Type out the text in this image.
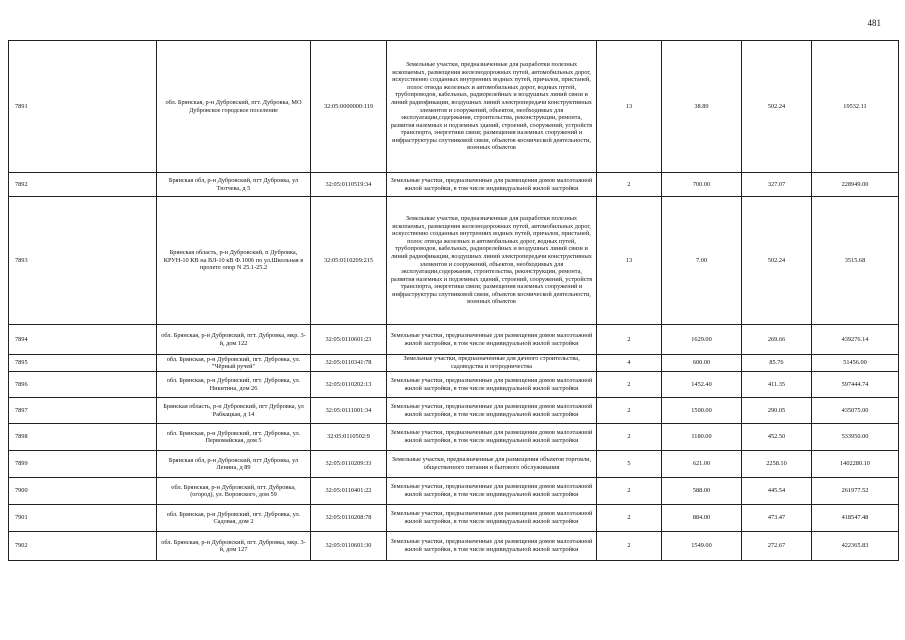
481
7891	обл. Брянская, р-н Дубровский, пгт. Дубровка, МО Дубровское городское поселение	32:05:0000000:119	Земельные участки, предназначенные для разработки полезных ископаемых, размещения железнодорожных путей, автомобильных дорог, искусственно созданных внутренних водных путей, причалов, пристаней, полос отвода железных и автомобильных дорог, водных путей, трубопроводов, кабельных, радиорелейных и воздушных линий связи и линий радиофикации, воздушных линий электропередачи конструктивных элементов и сооружений, объектов, необходимых для эксплуатации,содержания, строительства, реконструкции, ремонта, развития наземных и подземных зданий, строений, сооружений, устройств транспорта, энергетики связи; размещения наземных сооружений и инфраструктуры спутниковой связи, объектов космической деятельности, военных объектов	13	38.89	502.24	19532.11
7892	Брянская обл, р-н Дубровский, пгт Дубровка, ул Тютчева, д 5	32:05:0110519:34	Земельные участки, предназначенные для размещения домов малоэтажной жилой застройки, в том числе индивидуальной жилой застройки	2	700.00	327.07	228949.00
7893	Брянская область, р-н Дубровский, п Дубровка, КРУН-10 КВ на ВЛ-10 кВ Ф.1006 по ул.Школьная в пролете опор N 25.1-25.2	32:05:0110209:215	Земельные участки, предназначенные для разработки полезных ископаемых, размещения железнодорожных путей, автомобильных дорог, искусственно созданных внутренних водных путей, причалов, пристаней, полос отвода железных и автомобильных дорог, водных путей, трубопроводов, кабельных, радиорелейных и воздушных линий связи и линий радиофикации, воздушных линий электропередачи конструктивных элементов и сооружений, объектов, необходимых для эксплуатации,содержания, строительства, реконструкции, ремонта, развития наземных и подземных зданий, строений, сооружений, устройств транспорта, энергетики связи; размещения наземных сооружений и инфраструктуры спутниковой связи, объектов космической деятельности, военных объектов	13	7.00	502.24	3515.68
7894	обл. Брянская, р-н Дубровский, пгт. Дубровка, мкр. 3-й, дом 122	32:05:0110601:23	Земельные участки, предназначенные для размещения домов малоэтажной жилой застройки, в том числе индивидуальной жилой застройки	2	1629.00	269.66	439276.14
7895	обл. Брянская, р-н Дубровский, пгт. Дубровка, ул. "Чёрный ручей"	32:05:0110341:78	Земельные участки, предназначенные для дачного строительства, садоводства и огородничества	4	600.00	85.76	51456.00
7896	обл. Брянская, р-н Дубровский, пгт. Дубровка, ул. Никитина, дом 26	32:05:0110202:13	Земельные участки, предназначенные для размещения домов малоэтажной жилой застройки, в том числе индивидуальной жилой застройки	2	1452.40	411.35	597444.74
7897	Брянская область, р-н Дубровский, пгт Дубровка, ул Рабкацкая, д 14	32:05:0111001:34	Земельные участки, предназначенные для размещения домов малоэтажной жилой застройки, в том числе индивидуальной жилой застройки	2	1500.00	290.05	435075.00
7898	обл. Брянская, р-н Дубровский, пгт. Дубровка, ул. Первомайская, дом 5	32:05:0110502:9	Земельные участки, предназначенные для размещения домов малоэтажной жилой застройки, в том числе индивидуальной жилой застройки	2	1180.00	452.50	533950.00
7899	Брянская обл, р-н Дубровский, пгт Дубровка, ул Ленина, д 89	32:05:0110209:33	Земельные участки, предназначенные для размещения объектов торговли, общественного питания и бытового обслуживания	5	621.00	2258.10	1402280.10
7900	обл. Брянская, р-н Дубровский, пгт. Дубровка, (огород), ул. Воровского, дом 59	32:05:0110401:22	Земельные участки, предназначенные для размещения домов малоэтажной жилой застройки, в том числе индивидуальной жилой застройки	2	588.00	445.54	261977.52
7901	обл. Брянская, р-н Дубровский, пгт. Дубровка, ул. Садовая, дом 2	32:05:0110208:78	Земельные участки, предназначенные для размещения домов малоэтажной жилой застройки, в том числе индивидуальной жилой застройки	2	884.00	473.47	418547.48
7902	обл. Брянская, р-н Дубровский, пгт. Дубровка, мкр. 3-й, дом 127	32:05:0110601:30	Земельные участки, предназначенные для размещения домов малоэтажной жилой застройки, в том числе индивидуальной жилой застройки	2	1549.00	272.67	422365.83
